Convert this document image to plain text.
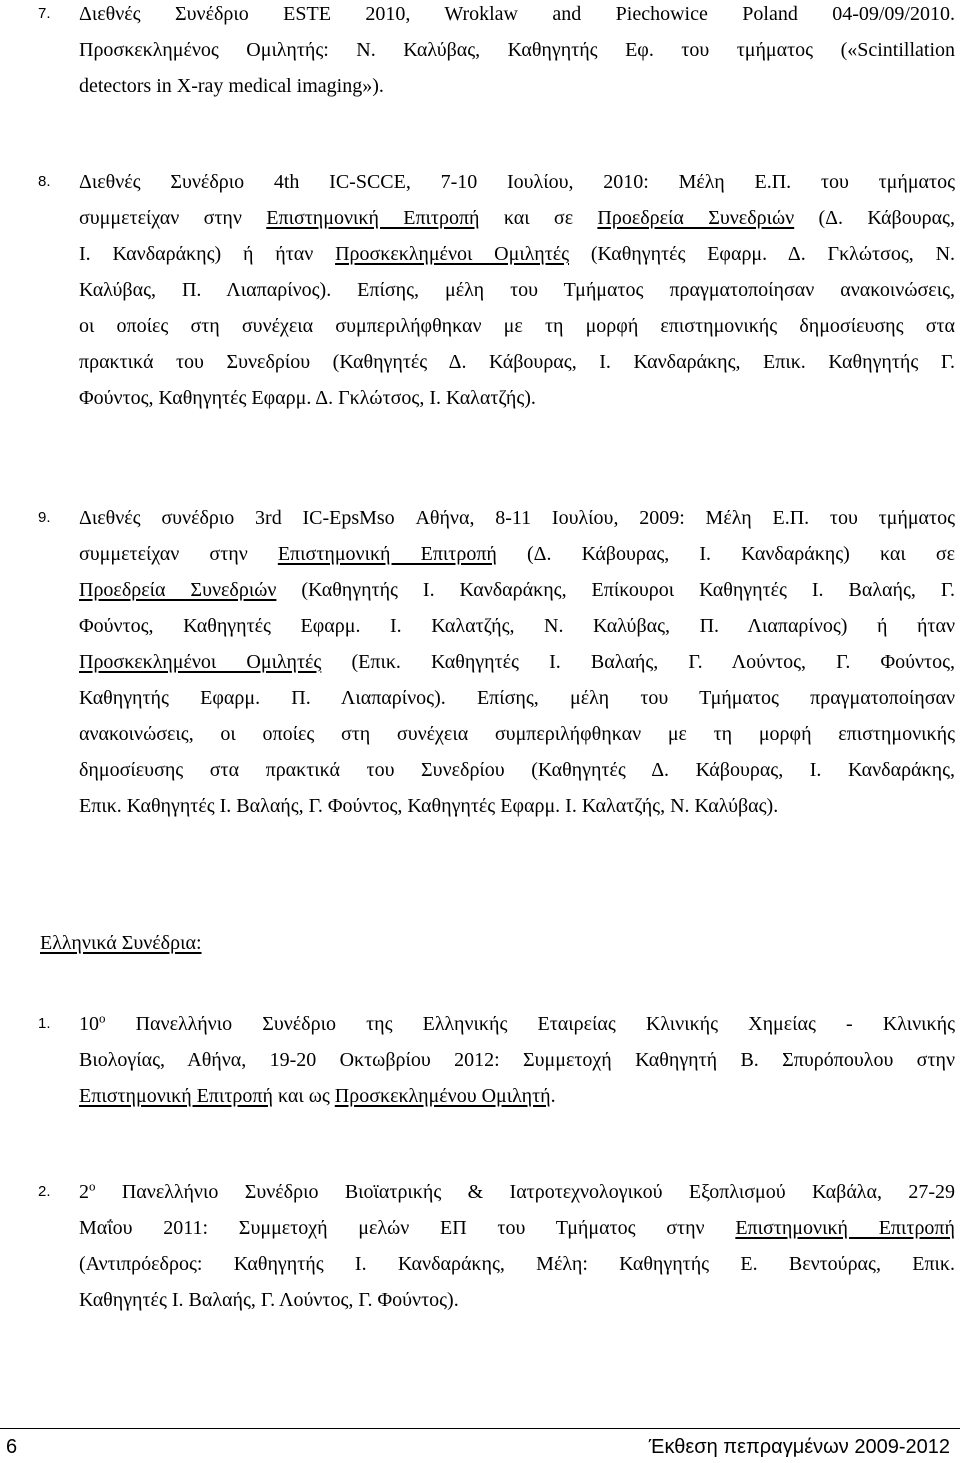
7. Διεθνές Συνέδριο ESTE 2010, Wroklaw and Piechowice Poland 04-09/09/2010.
Προσκεκλημένος Ομιλητής: Ν. Καλύβας, Καθηγητής Εφ. του τμήματος («Scintillation
detectors in X-ray medical imaging»).
8. Διεθνές Συνέδριο 4th IC-SCCE, 7-10 Ιουλίου, 2010: Μέλη Ε.Π. του τμήματος
συμμετείχαν στην Επιστημονική Επιτροπή και σε Προεδρεία Συνεδριών (Δ. Κάβουρας,
Ι. Κανδαράκης) ή ήταν Προσκεκλημένοι Ομιλητές (Καθηγητές Εφαρμ. Δ. Γκλώτσος, Ν.
Καλύβας, Π. Λιαπαρίνος). Επίσης, μέλη του Τμήματος πραγματοποίησαν ανακοινώσεις,
οι οποίες στη συνέχεια συμπεριλήφθηκαν με τη μορφή επιστημονικής δημοσίευσης στα
πρακτικά του Συνεδρίου (Καθηγητές Δ. Κάβουρας, Ι. Κανδαράκης, Επικ. Καθηγητής Γ.
Φούντος, Καθηγητές Εφαρμ. Δ. Γκλώτσος, Ι. Καλατζής).
9. Διεθνές συνέδριο 3rd IC-EpsMso Αθήνα, 8-11 Ιουλίου, 2009: Μέλη Ε.Π. του τμήματος
συμμετείχαν στην Επιστημονική Επιτροπή (Δ. Κάβουρας, Ι. Κανδαράκης) και σε
Προεδρεία Συνεδριών (Καθηγητής Ι. Κανδαράκης, Επίκουροι Καθηγητές Ι. Βαλαής, Γ.
Φούντος, Καθηγητές Εφαρμ. Ι. Καλατζής, Ν. Καλύβας, Π. Λιαπαρίνος) ή ήταν
Προσκεκλημένοι Ομιλητές (Επικ. Καθηγητές Ι. Βαλαής, Γ. Λούντος, Γ. Φούντος,
Καθηγητής Εφαρμ. Π. Λιαπαρίνος). Επίσης, μέλη του Τμήματος πραγματοποίησαν
ανακοινώσεις, οι οποίες στη συνέχεια συμπεριλήφθηκαν με τη μορφή επιστημονικής
δημοσίευσης στα πρακτικά του Συνεδρίου (Καθηγητές Δ. Κάβουρας, Ι. Κανδαράκης,
Επικ. Καθηγητές Ι. Βαλαής, Γ. Φούντος, Καθηγητές Εφαρμ. Ι. Καλατζής, Ν. Καλύβας).
Ελληνικά Συνέδρια:
1. $10^o$ Πανελλήνιο Συνέδριο της Ελληνικής Εταιρείας Κλινικής Χημείας - Κλινικής
Βιολογίας, Αθήνα, 19-20 Οκτωβρίου 2012: Συμμετοχή Καθηγητή Β. Σπυρόπουλου στην
Επιστημονική Επιτροπή και ως Προσκεκλημένου Ομιλητή.
2. $2^o$ Πανελλήνιο Συνέδριο Βιοϊατρικής & Ιατροτεχνολογικού Εξοπλισμού Καβάλα, 27-29
Μαΐου 2011: Συμμετοχή μελών ΕΠ του Τμήματος στην Επιστημονική Επιτροπή
(Αντιπρόεδρος: Καθηγητής Ι. Κανδαράκης, Μέλη: Καθηγητής Ε. Βεντούρας, Επικ.
Καθηγητές Ι. Βαλαής, Γ. Λούντος, Γ. Φούντος).
6	Έκθεση πεπραγμένων 2009-2012
